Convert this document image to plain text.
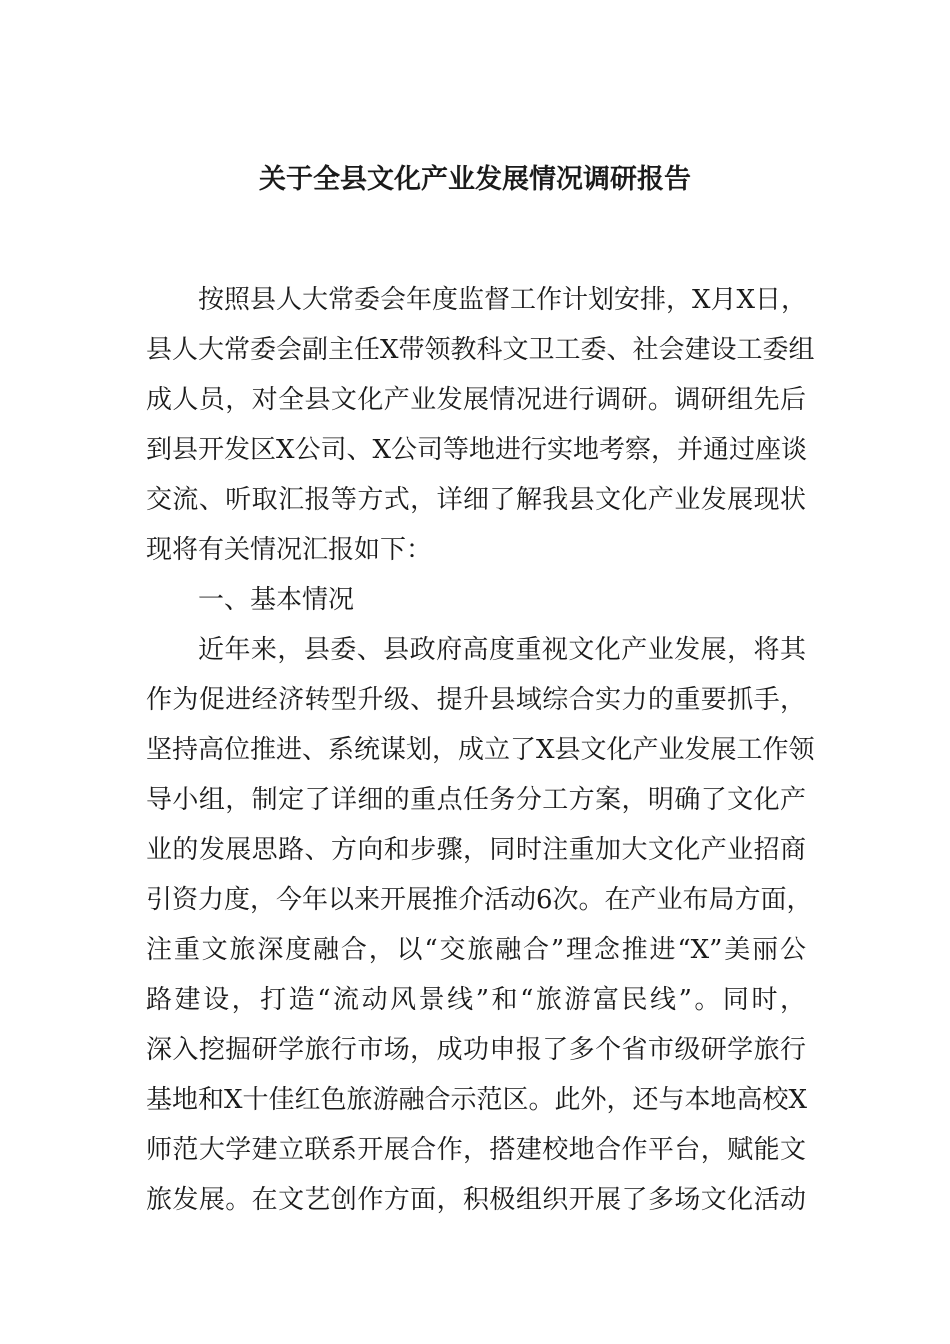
关于全县文化产业发展情况调研报告
按照县人大常委会年度监督工作计划安排，X月X日，
县人大常委会副主任X带领教科文卫工委、社会建设工委组
成人员，对全县文化产业发展情况进行调研。调研组先后
到县开发区X公司、X公司等地进行实地考察，并通过座谈
交流、听取汇报等方式，详细了解我县文化产业发展现状
现将有关情况汇报如下：
一、基本情况
近年来，县委、县政府高度重视文化产业发展，将其
作为促进经济转型升级、提升县域综合实力的重要抓手，
坚持高位推进、系统谋划，成立了X县文化产业发展工作领
导小组，制定了详细的重点任务分工方案，明确了文化产
业的发展思路、方向和步骤，同时注重加大文化产业招商
引资力度，今年以来开展推介活动6次。在产业布局方面，
注重文旅深度融合，以“交旅融合”理念推进“X”美丽公
路建设，打造“流动风景线”和“旅游富民线”。同时，
深入挖掘研学旅行市场，成功申报了多个省市级研学旅行
基地和X十佳红色旅游融合示范区。此外，还与本地高校X
师范大学建立联系开展合作，搭建校地合作平台，赋能文
旅发展。在文艺创作方面，积极组织开展了多场文化活动
